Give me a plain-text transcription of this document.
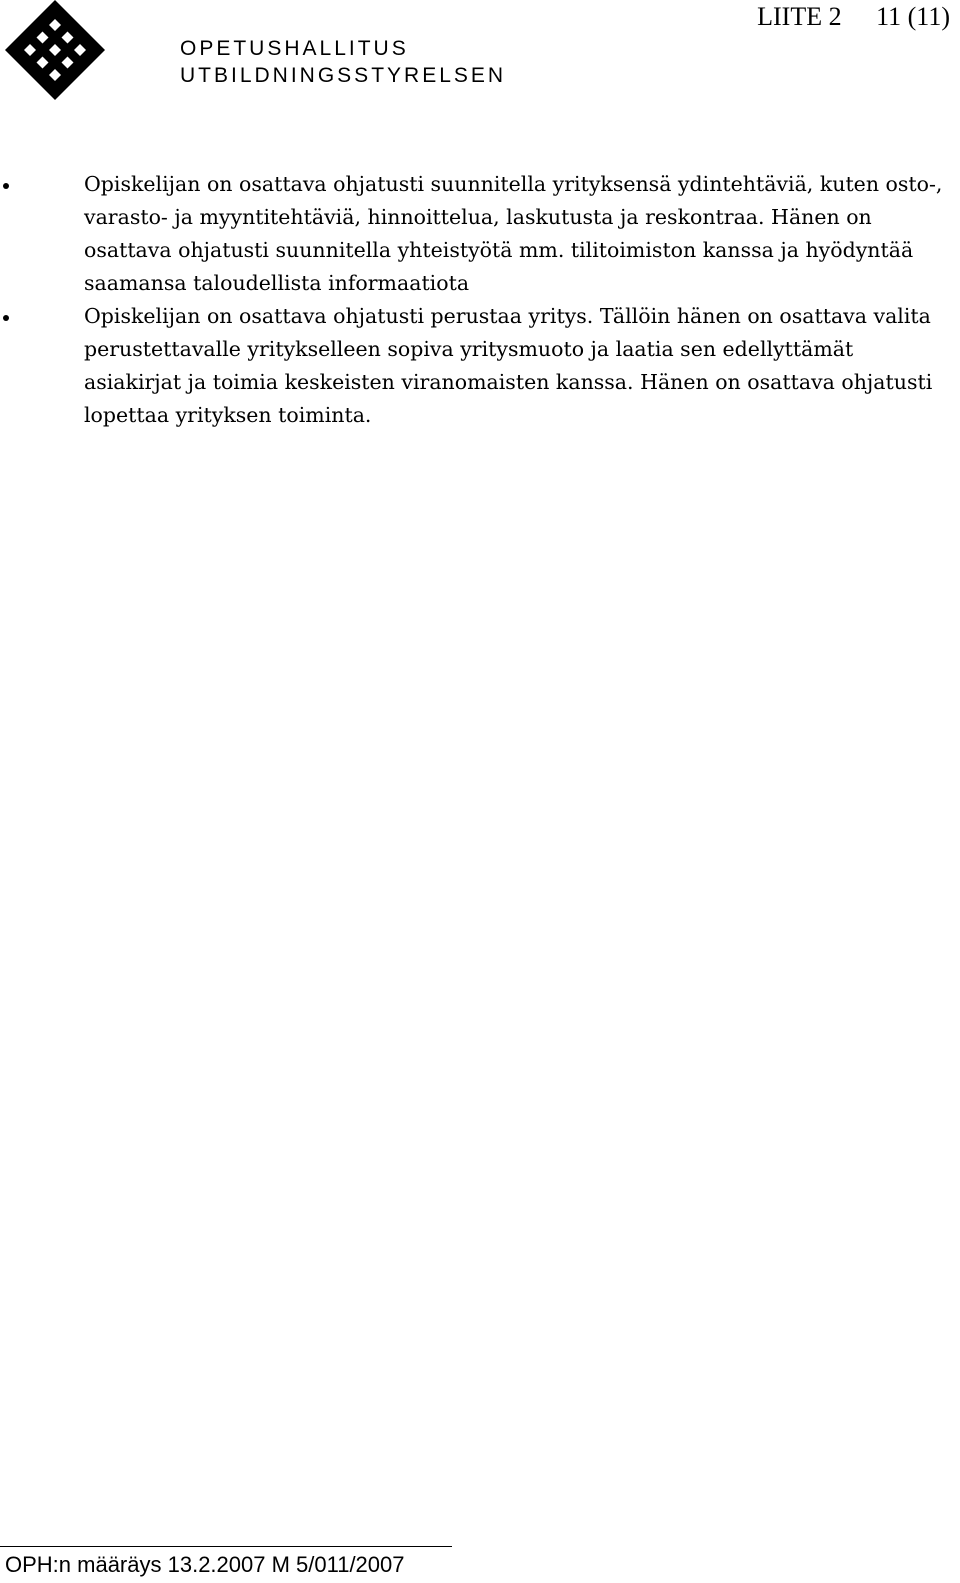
OPETUSHALLITUS
UTBILDNINGSSTYRELSEN
LIITE 2 11 (11)
Opiskelijan on osattava ohjatusti suunnitella yrityksensä ydintehtäviä, kuten osto-, varasto- ja myyntitehtäviä, hinnoittelua, laskutusta ja reskontraa. Hänen on osattava ohjatusti suunnitella yhteistyötä mm. tilitoimiston kanssa ja hyödyntää saamansa taloudellista informaatiota
Opiskelijan on osattava ohjatusti perustaa yritys. Tällöin hänen on osattava valita perustettavalle yritykselleen sopiva yritysmuoto ja laatia sen edellyttämät asiakirjat ja toimia keskeisten viranomaisten kanssa. Hänen on osattava ohjatusti lopettaa yrityksen toiminta.
OPH:n määräys 13.2.2007 M 5/011/2007
